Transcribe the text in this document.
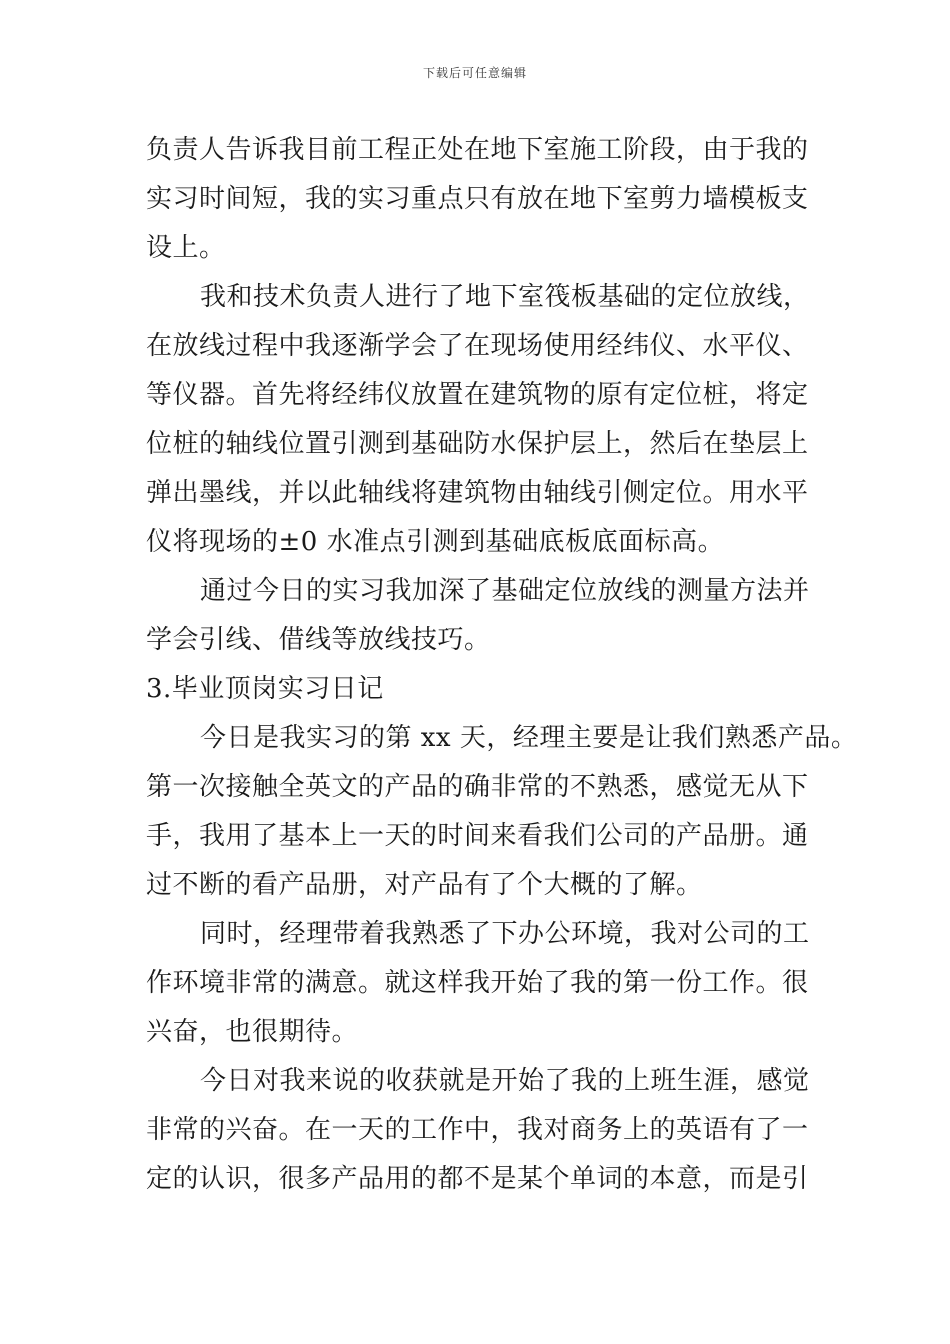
下载后可任意编辑
负责人告诉我目前工程正处在地下室施工阶段，由于我的
实习时间短，我的实习重点只有放在地下室剪力墙模板支
设上。
我和技术负责人进行了地下室筏板基础的定位放线，
在放线过程中我逐渐学会了在现场使用经纬仪、水平仪、
等仪器。首先将经纬仪放置在建筑物的原有定位桩，将定
位桩的轴线位置引测到基础防水保护层上，然后在垫层上
弹出墨线，并以此轴线将建筑物由轴线引侧定位。用水平
仪将现场的±0 水准点引测到基础底板底面标高。
通过今日的实习我加深了基础定位放线的测量方法并
学会引线、借线等放线技巧。
3.毕业顶岗实习日记
今日是我实习的第 xx 天，经理主要是让我们熟悉产品。
第一次接触全英文的产品的确非常的不熟悉，感觉无从下
手，我用了基本上一天的时间来看我们公司的产品册。通
过不断的看产品册，对产品有了个大概的了解。
同时，经理带着我熟悉了下办公环境，我对公司的工
作环境非常的满意。就这样我开始了我的第一份工作。很
兴奋，也很期待。
今日对我来说的收获就是开始了我的上班生涯，感觉
非常的兴奋。在一天的工作中，我对商务上的英语有了一
定的认识，很多产品用的都不是某个单词的本意，而是引
